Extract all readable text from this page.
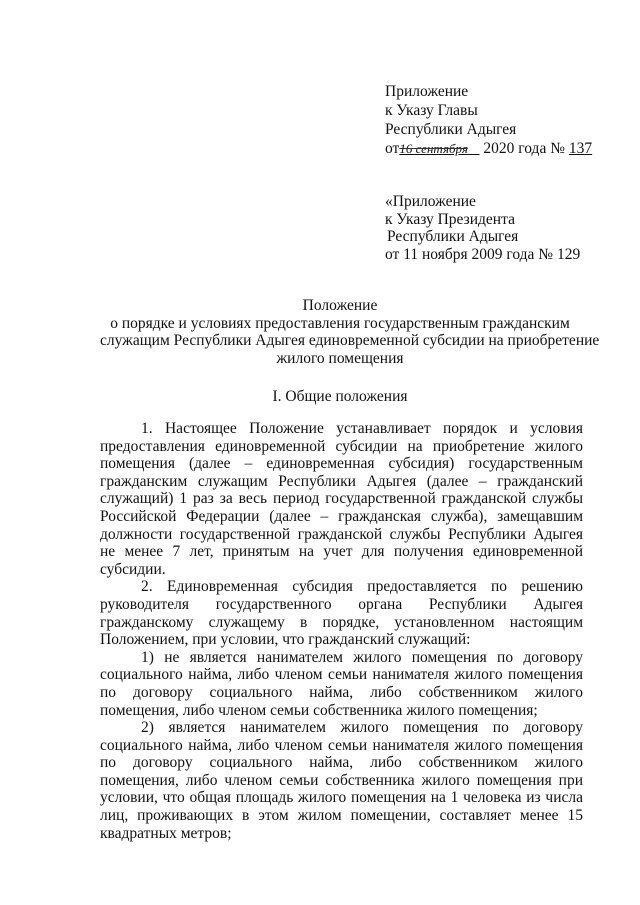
Приложение
к Указу Главы
Республики Адыгея
от16 сентября 2020 года № 137
«Приложение
к Указу Президента
Республики Адыгея
от 11 ноября 2009 года № 129
Положение
о порядке и условиях предоставления государственным гражданским
служащим Республики Адыгея единовременной субсидии на приобретение
жилого помещения
I. Общие положения

1. Настоящее Положение устанавливает порядок и условия предоставления единовременной субсидии на приобретение жилого помещения (далее – единовременная субсидия) государственным гражданским служащим Республики Адыгея (далее – гражданский служащий) 1 раз за весь период государственной гражданской службы Российской Федерации (далее – гражданская служба), замещавшим должности государственной гражданской службы Республики Адыгея не менее 7 лет, принятым на учет для получения единовременной субсидии.

2. Единовременная субсидия предоставляется по решению руководителя государственного органа Республики Адыгея гражданскому служащему в порядке, установленном настоящим Положением, при условии, что гражданский служащий:

1) не является нанимателем жилого помещения по договору социального найма, либо членом семьи нанимателя жилого помещения по договору социального найма, либо собственником жилого помещения, либо членом семьи собственника жилого помещения;

2) является нанимателем жилого помещения по договору социального найма, либо членом семьи нанимателя жилого помещения по договору социального найма, либо собственником жилого помещения, либо членом семьи собственника жилого помещения при условии, что общая площадь жилого помещения на 1 человека из числа лиц, проживающих в этом жилом помещении, составляет менее 15 квадратных метров;
